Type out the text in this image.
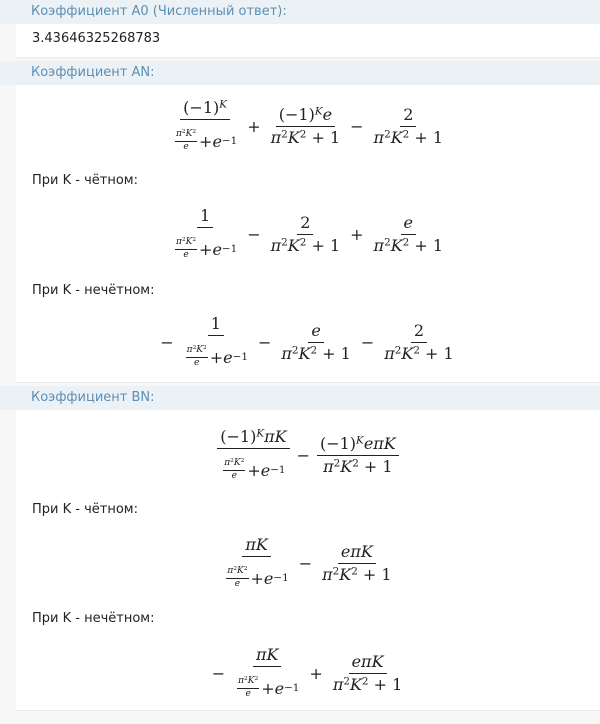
Коэффициент A0 (Численный ответ):
3.43646325268783
Коэффициент AN:
$\frac{(-1)^K}{\frac{\pi^2K^2}{e} + e -1} + \frac{(-1)^Ke}{\pi^2K^2 + 1} - \frac{2}{\pi^2K^2 + 1}$
При K - чётном:
$\frac{1}{\frac{\pi^2K^2}{e} + e -1} - \frac{2}{\pi^2K^2 + 1} + \frac{e}{\pi^2K^2 + 1}$
При K - нечётном:
− $\frac{1}{\frac{\pi^2K^2}{e} + e -1} - \frac{e}{\pi^2K^2 + 1} - \frac{2}{\pi^2K^2 + 1}$
Коэффициент BN:
$\frac{(-1)^K\pi K}{\frac{\pi^2K^2}{e} + e -1} - \frac{(-1)^Ke\pi K}{\pi^2K^2 + 1}$
При K - чётном:
$\frac{\pi K}{\frac{\pi^2K^2}{e} + e -1} - \frac{\text{eπK}}{\pi^2K^2 + 1}$
При K - нечётном:
− $\frac{\pi K}{\frac{\pi^2K^2}{e} + e -1} + \frac{\text{eπK}}{\pi^2K^2 + 1}$
